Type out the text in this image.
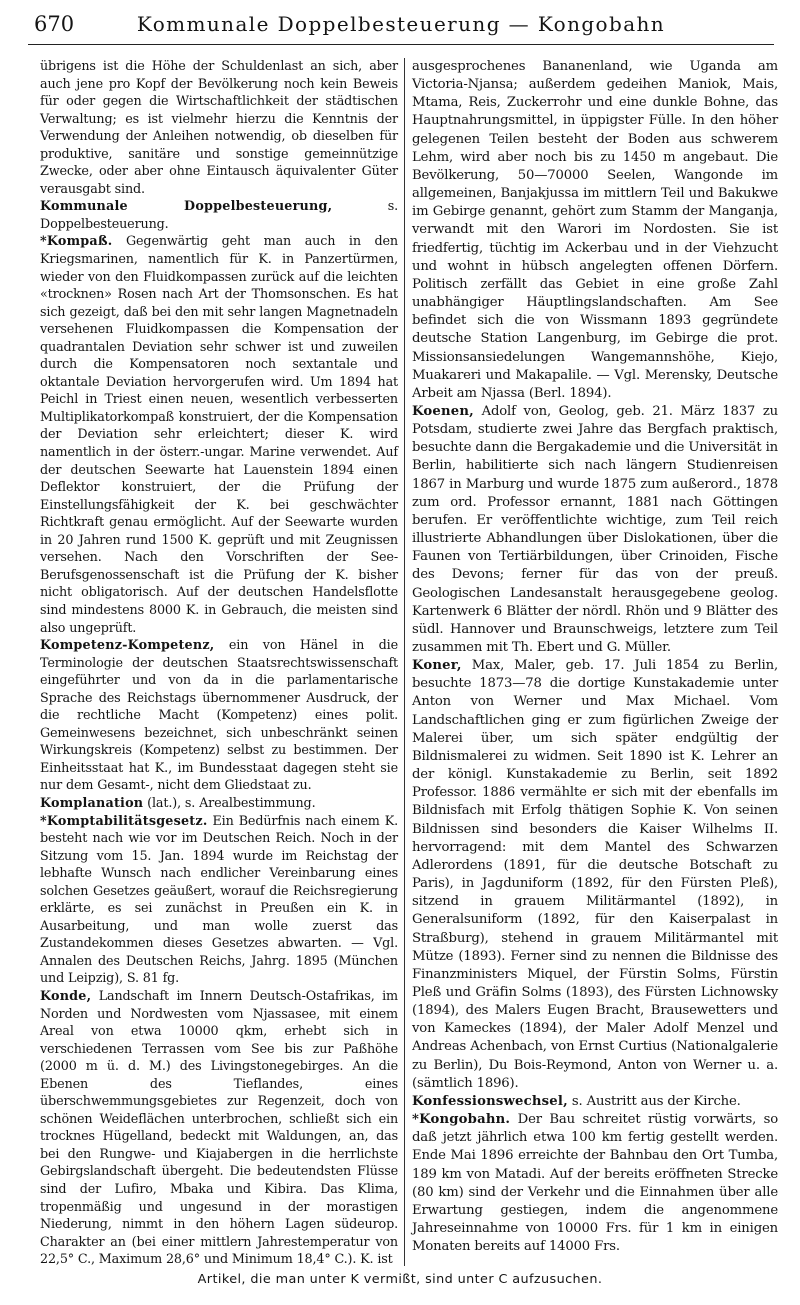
670	Kommunale Doppelbesteuerung — Kongobahn

übrigens ist die Höhe der Schuldenlast an sich, aber auch jene pro Kopf der Bevölkerung noch kein Beweis für oder gegen die Wirtschaftlichkeit der städtischen Verwaltung; es ist vielmehr hierzu die Kenntnis der Verwendung der Anleihen notwendig, ob dieselben für produktive, sanitäre und sonstige gemeinnützige Zwecke, oder aber ohne Eintausch äquivalenter Güter verausgabt sind.

Kommunale Doppelbesteuerung, s. Doppelbesteuerung.

*Kompaß. Gegenwärtig geht man auch in den Kriegsmarinen, namentlich für K. in Panzertürmen, wieder von den Fluidkompassen zurück auf die leichten «trocknen» Rosen nach Art der Thomsonschen. Es hat sich gezeigt, daß bei den mit sehr langen Magnetnadeln versehenen Fluidkompassen die Kompensation der quadrantalen Deviation sehr schwer ist und zuweilen durch die Kompensatoren noch sextantale und oktantale Deviation hervorgerufen wird. Um 1894 hat Peichl in Triest einen neuen, wesentlich verbesserten Multiplikatorkompaß konstruiert, der die Kompensation der Deviation sehr erleichtert; dieser K. wird namentlich in der österr.-ungar. Marine verwendet. Auf der deutschen Seewarte hat Lauenstein 1894 einen Deflektor konstruiert, der die Prüfung der Einstellungsfähigkeit der K. bei geschwächter Richtkraft genau ermöglicht. Auf der Seewarte wurden in 20 Jahren rund 1500 K. geprüft und mit Zeugnissen versehen. Nach den Vorschriften der See-Berufsgenossenschaft ist die Prüfung der K. bisher nicht obligatorisch. Auf der deutschen Handelsflotte sind mindestens 8000 K. in Gebrauch, die meisten sind also ungeprüft.

Kompetenz-Kompetenz, ein von Hänel in die Terminologie der deutschen Staatsrechtswissenschaft eingeführter und von da in die parlamentarische Sprache des Reichstags übernommener Ausdruck, der die rechtliche Macht (Kompetenz) eines polit. Gemeinwesens bezeichnet, sich unbeschränkt seinen Wirkungskreis (Kompetenz) selbst zu bestimmen. Der Einheitsstaat hat K., im Bundesstaat dagegen steht sie nur dem Gesamt-, nicht dem Gliedstaat zu.

Komplanation (lat.), s. Arealbestimmung.

*Komptabilitätsgesetz. Ein Bedürfnis nach einem K. besteht nach wie vor im Deutschen Reich. Noch in der Sitzung vom 15. Jan. 1894 wurde im Reichstag der lebhafte Wunsch nach endlicher Vereinbarung eines solchen Gesetzes geäußert, worauf die Reichsregierung erklärte, es sei zunächst in Preußen ein K. in Ausarbeitung, und man wolle zuerst das Zustandekommen dieses Gesetzes abwarten. — Vgl. Annalen des Deutschen Reichs, Jahrg. 1895 (München und Leipzig), S. 81 fg.

Konde, Landschaft im Innern Deutsch-Ostafrikas, im Norden und Nordwesten vom Njassasee, mit einem Areal von etwa 10000 qkm, erhebt sich in verschiedenen Terrassen vom See bis zur Paßhöhe (2000 m ü. d. M.) des Livingstonegebirges. An die Ebenen des Tieflandes, eines überschwemmungsgebietes zur Regenzeit, doch von schönen Weideflächen unterbrochen, schließt sich ein trocknes Hügelland, bedeckt mit Waldungen, an, das bei den Rungwe- und Kiajabergen in die herrlichste Gebirgslandschaft übergeht. Die bedeutendsten Flüsse sind der Lufiro, Mbaka und Kibira. Das Klima, tropenmäßig und ungesund in der morastigen Niederung, nimmt in den höhern Lagen südeurop. Charakter an (bei einer mittlern Jahrestemperatur von 22,5° C., Maximum 28,6° und Minimum 18,4° C.). K. ist

ausgesprochenes Bananenland, wie Uganda am Victoria-Njansa; außerdem gedeihen Maniok, Mais, Mtama, Reis, Zuckerrohr und eine dunkle Bohne, das Hauptnahrungsmittel, in üppigster Fülle. In den höher gelegenen Teilen besteht der Boden aus schwerem Lehm, wird aber noch bis zu 1450 m angebaut. Die Bevölkerung, 50—70000 Seelen, Wangonde im allgemeinen, Banjakjussa im mittlern Teil und Bakukwe im Gebirge genannt, gehört zum Stamm der Manganja, verwandt mit den Warori im Nordosten. Sie ist friedfertig, tüchtig im Ackerbau und in der Viehzucht und wohnt in hübsch angelegten offenen Dörfern. Politisch zerfällt das Gebiet in eine große Zahl unabhängiger Häuptlingslandschaften. Am See befindet sich die von Wissmann 1893 gegründete deutsche Station Langenburg, im Gebirge die prot. Missionsansiedelungen Wangemannshöhe, Kiejo, Muakareri und Makapalile. — Vgl. Merensky, Deutsche Arbeit am Njassa (Berl. 1894).

Koenen, Adolf von, Geolog, geb. 21. März 1837 zu Potsdam, studierte zwei Jahre das Bergfach praktisch, besuchte dann die Bergakademie und die Universität in Berlin, habilitierte sich nach längern Studienreisen 1867 in Marburg und wurde 1875 zum außerord., 1878 zum ord. Professor ernannt, 1881 nach Göttingen berufen. Er veröffentlichte wichtige, zum Teil reich illustrierte Abhandlungen über Dislokationen, über die Faunen von Tertiärbildungen, über Crinoiden, Fische des Devons; ferner für das von der preuß. Geologischen Landesanstalt herausgegebene geolog. Kartenwerk 6 Blätter der nördl. Rhön und 9 Blätter des südl. Hannover und Braunschweigs, letztere zum Teil zusammen mit Th. Ebert und G. Müller.

Koner, Max, Maler, geb. 17. Juli 1854 zu Berlin, besuchte 1873—78 die dortige Kunstakademie unter Anton von Werner und Max Michael. Vom Landschaftlichen ging er zum figürlichen Zweige der Malerei über, um sich später endgültig der Bildnismalerei zu widmen. Seit 1890 ist K. Lehrer an der königl. Kunstakademie zu Berlin, seit 1892 Professor. 1886 vermählte er sich mit der ebenfalls im Bildnisfach mit Erfolg thätigen Sophie K. Von seinen Bildnissen sind besonders die Kaiser Wilhelms II. hervorragend: mit dem Mantel des Schwarzen Adlerordens (1891, für die deutsche Botschaft zu Paris), in Jagduniform (1892, für den Fürsten Pleß), sitzend in grauem Militärmantel (1892), in Generalsuniform (1892, für den Kaiserpalast in Straßburg), stehend in grauem Militärmantel mit Mütze (1893). Ferner sind zu nennen die Bildnisse des Finanzministers Miquel, der Fürstin Solms, Fürstin Pleß und Gräfin Solms (1893), des Fürsten Lichnowsky (1894), des Malers Eugen Bracht, Brausewetters und von Kameckes (1894), der Maler Adolf Menzel und Andreas Achenbach, von Ernst Curtius (Nationalgalerie zu Berlin), Du Bois-Reymond, Anton von Werner u. a. (sämtlich 1896).

Konfessionswechsel, s. Austritt aus der Kirche.

*Kongobahn. Der Bau schreitet rüstig vorwärts, so daß jetzt jährlich etwa 100 km fertig gestellt werden. Ende Mai 1896 erreichte der Bahnbau den Ort Tumba, 189 km von Matadi. Auf der bereits eröffneten Strecke (80 km) sind der Verkehr und die Einnahmen über alle Erwartung gestiegen, indem die angenommene Jahreseinnahme von 10000 Frs. für 1 km in einigen Monaten bereits auf 14000 Frs.

Artikel, die man unter K vermißt, sind unter C aufzusuchen.
